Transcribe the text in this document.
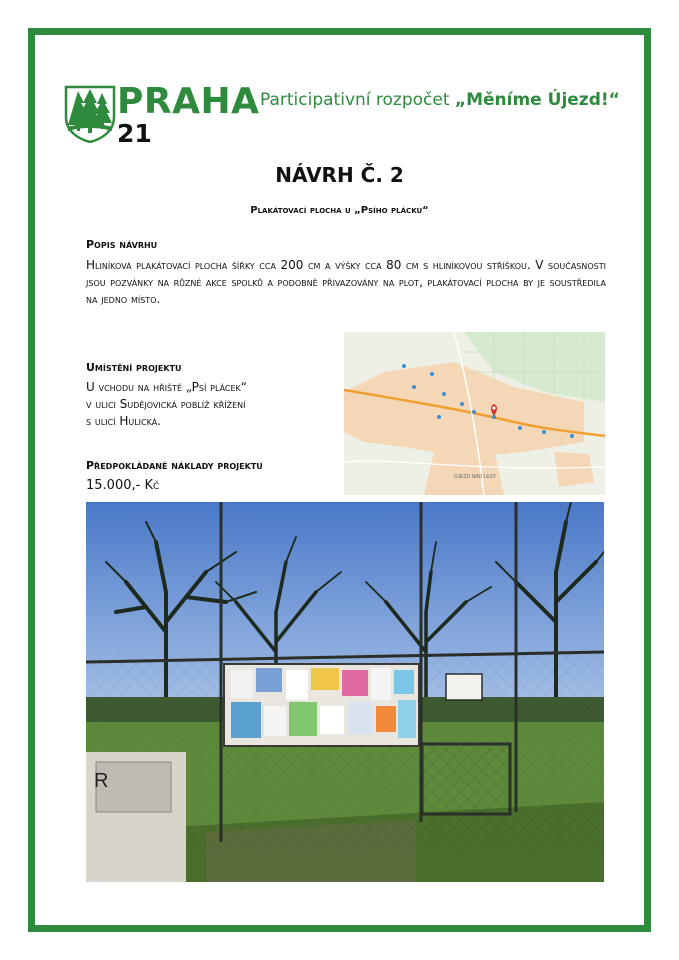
PRAHA
21
Participativní rozpočet „Měníme Újezd!“
NÁVRH Č. 2
Plakátovací plocha u „Psího plácku“
Popis návrhu
Hliníková plakátovací plocha šířky cca 200 cm a výšky cca 80 cm s hliníkovou stříškou. V současnosti jsou pozvánky na různé akce spolků a podobně přivazovány na plot, plakátovací plocha by je soustředila na jedno místo.
Umístění projektu
U vchodu na hřiště „Psí plácek“
v ulici Sudějovická poblíž křížení
s ulicí Hulická.
Předpokládané náklady projektu
15.000,- Kč
ÚJEZD NAD LESY
R
